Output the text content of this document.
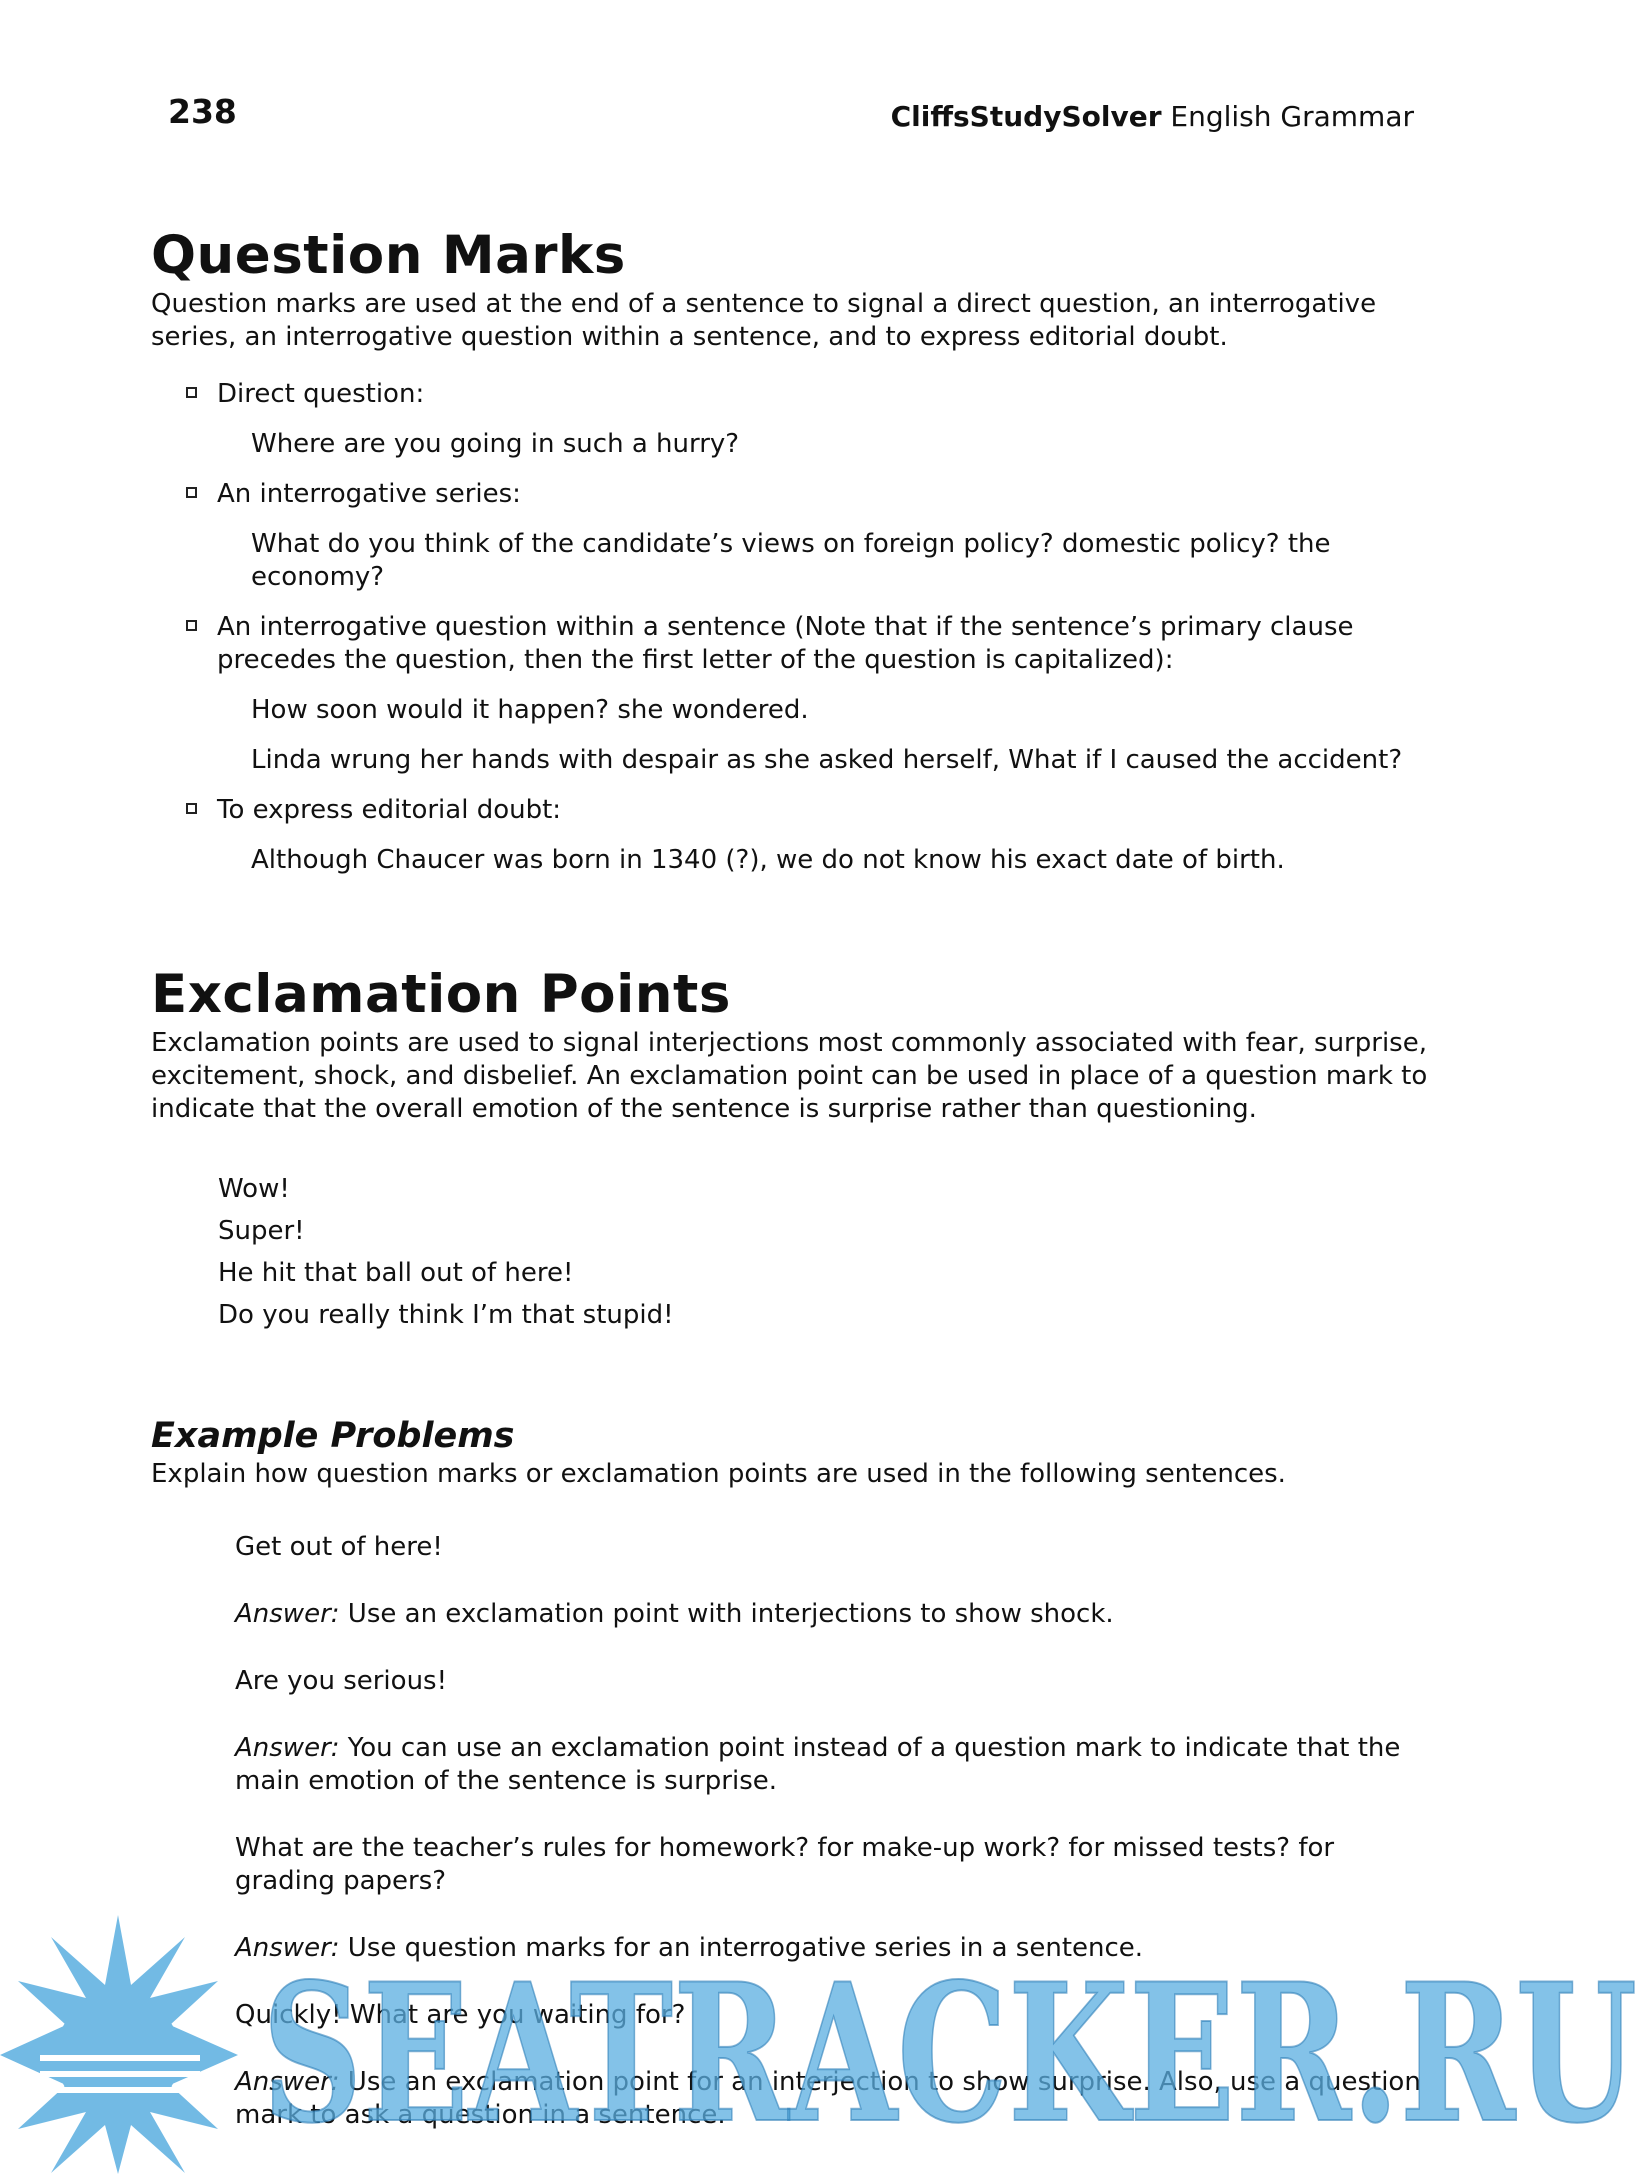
238	CliffsStudySolver English Grammar
Question Marks

Question marks are used at the end of a sentence to signal a direct question, an interrogative series, an interrogative question within a sentence, and to express editorial doubt.

Direct question:
Where are you going in such a hurry?
An interrogative series:
What do you think of the candidate’s views on foreign policy? domestic policy? the economy?
An interrogative question within a sentence (Note that if the sentence’s primary clause precedes the question, then the first letter of the question is capitalized):
How soon would it happen? she wondered.
Linda wrung her hands with despair as she asked herself, What if I caused the accident?
To express editorial doubt:
Although Chaucer was born in 1340 (?), we do not know his exact date of birth.
Exclamation Points

Exclamation points are used to signal interjections most commonly associated with fear, surprise, excitement, shock, and disbelief. An exclamation point can be used in place of a question mark to indicate that the overall emotion of the sentence is surprise rather than questioning.

Wow!
Super!
He hit that ball out of here!
Do you really think I’m that stupid!
Example Problems

Explain how question marks or exclamation points are used in the following sentences.

Get out of here!
Answer: Use an exclamation point with interjections to show shock.
Are you serious!
Answer: You can use an exclamation point instead of a question mark to indicate that the main emotion of the sentence is surprise.
What are the teacher’s rules for homework? for make-up work? for missed tests? for grading papers?
Answer: Use question marks for an interrogative series in a sentence.
Quickly! What are you waiting for?
Answer: Use an exclamation point for an interjection to show surprise. Also, use a question mark to ask a question in a sentence.
SEATRACKER.RU
